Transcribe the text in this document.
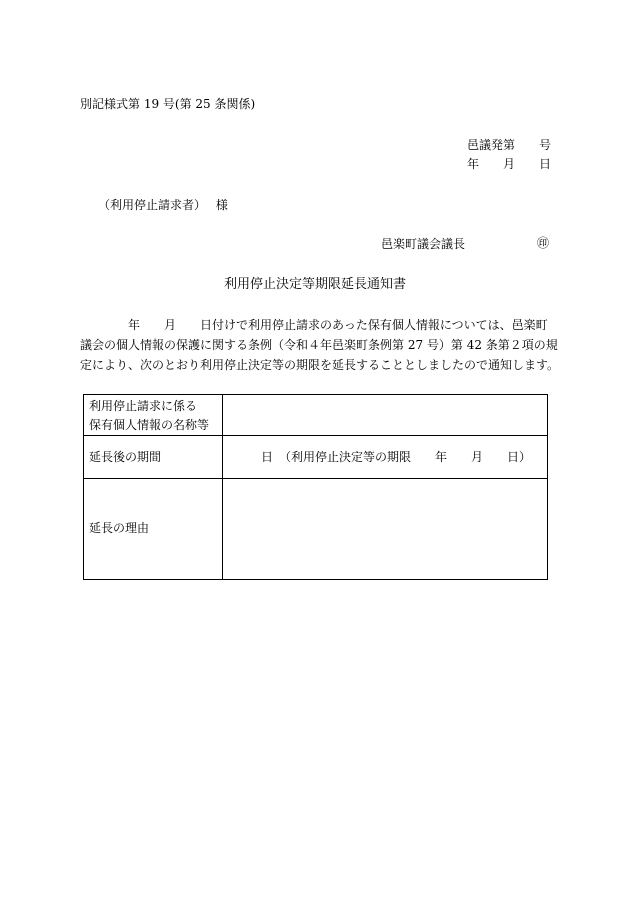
別記様式第 19 号(第 25 条関係)
邑議発第　　号
年　　月　　日
（利用停止請求者）　 様
邑楽町議会議長	㊞
利用停止決定等期限延長通知書
　　　　年　　月　　日付けで利用停止請求のあった保有個人情報については、邑楽町
議会の個人情報の保護に関する条例（令和４年邑楽町条例第 27 号）第 42 条第２項の規
定により、次のとおり利用停止決定等の期限を延長することとしましたので通知します。
利用停止請求に係る
保有個人情報の名称等
延長後の期間	日　（利用停止決定等の期限　　年　　月　　日）
延長の理由
